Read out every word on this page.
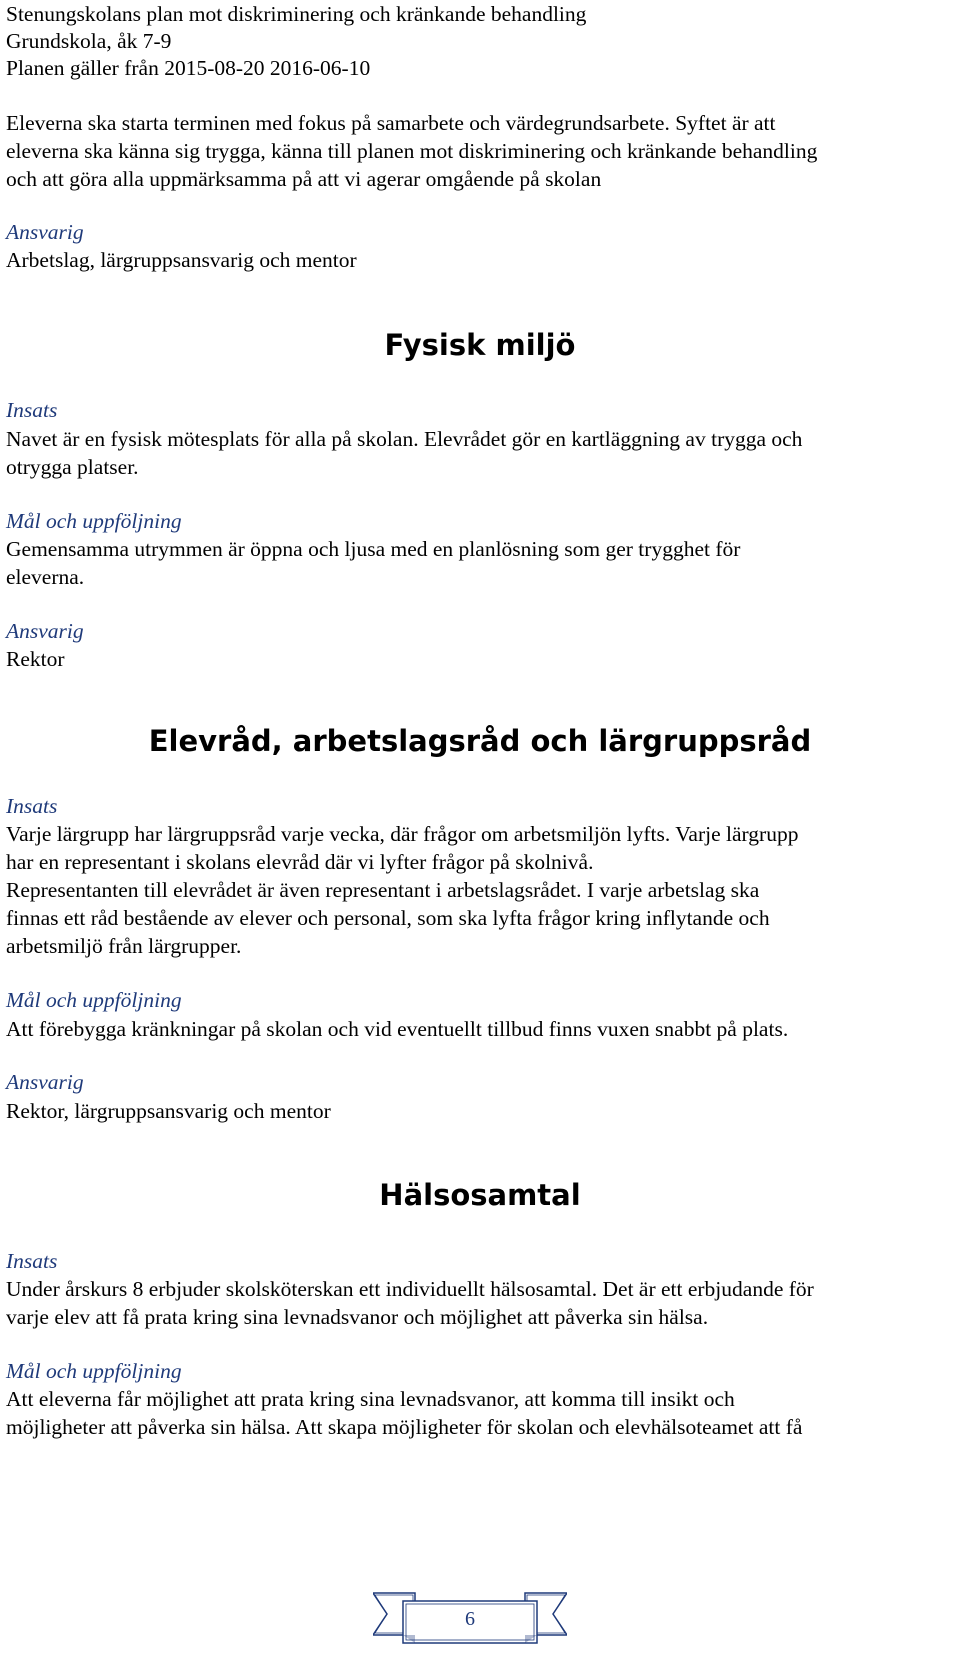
Stenungskolans plan mot diskriminering och kränkande behandling
Grundskola, åk 7-9
Planen gäller från 2015-08-20 2016-06-10
Eleverna ska starta terminen med fokus på samarbete och värdegrundsarbete. Syftet är att
eleverna ska känna sig trygga, känna till planen mot diskriminering och kränkande behandling
och att göra alla uppmärksamma på att vi agerar omgående på skolan
Ansvarig
Arbetslag, lärgruppsansvarig och mentor
Fysisk miljö
Insats
Navet är en fysisk mötesplats för alla på skolan. Elevrådet gör en kartläggning av trygga och
otrygga platser.
Mål och uppföljning
Gemensamma utrymmen är öppna och ljusa med en planlösning som ger trygghet för
eleverna.
Ansvarig
Rektor
Elevråd, arbetslagsråd och lärgruppsråd
Insats
Varje lärgrupp har lärgruppsråd varje vecka, där frågor om arbetsmiljön lyfts. Varje lärgrupp
har en representant i skolans elevråd där vi lyfter frågor på skolnivå.
Representanten till elevrådet är även representant i arbetslagsrådet. I varje arbetslag ska
finnas ett råd bestående av elever och personal, som ska lyfta frågor kring inflytande och
arbetsmiljö från lärgrupper.
Mål och uppföljning
Att förebygga kränkningar på skolan och vid eventuellt tillbud finns vuxen snabbt på plats.
Ansvarig
Rektor, lärgruppsansvarig och mentor
Hälsosamtal
Insats
Under årskurs 8 erbjuder skolsköterskan ett individuellt hälsosamtal. Det är ett erbjudande för
varje elev att få prata kring sina levnadsvanor och möjlighet att påverka sin hälsa.
Mål och uppföljning
Att eleverna får möjlighet att prata kring sina levnadsvanor, att komma till insikt och
möjligheter att påverka sin hälsa. Att skapa möjligheter för skolan och elevhälsoteamet att få
6
